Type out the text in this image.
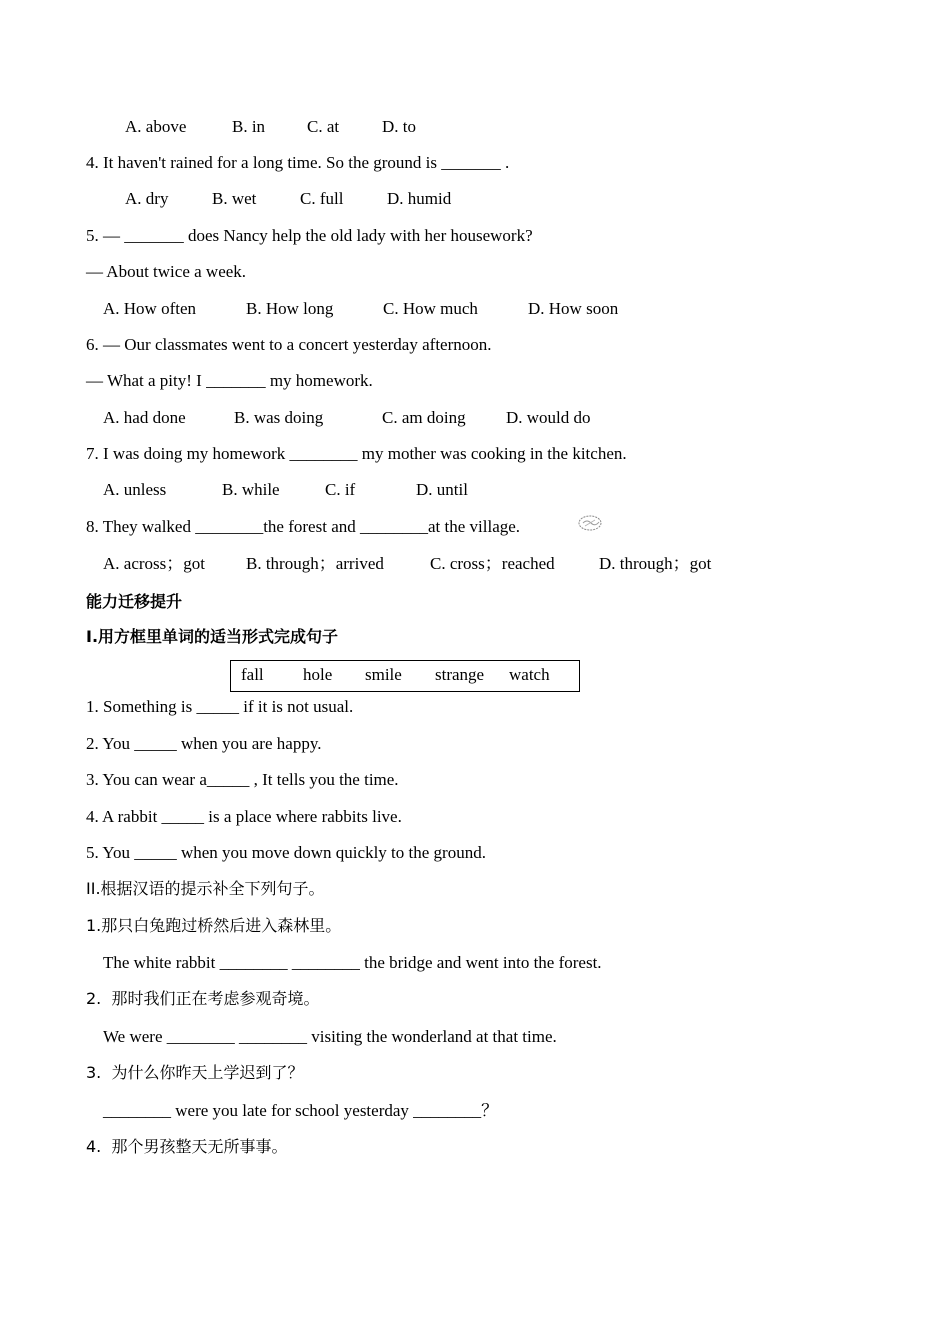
A. above	B. in C. at	D. to
4. It haven't rained for a long time. So the ground is _______ .
A. dry	B. wet	C. full	D. humid
5. — _______ does Nancy help the old lady with her housework?
— About twice a week.
A. How often	B. How long	C. How much	D. How soon
6. — Our classmates went to a concert yesterday afternoon.
— What a pity! I _______ my homework.
A. had done	B. was doing	C. am doing D. would do
7. I was doing my homework ________ my mother was cooking in the kitchen.
A. unless	B. while	C. if	D. until
8. They walked ________the forest and ________at the village.
A. across；got B. through；arrived	C. cross；reached	D. through；got
能力迁移提升
I.用方框里单词的适当形式完成句子
fall hole smile strange watch
1. Something is _____ if it is not usual.
2. You _____ when you are happy.
3. You can wear a_____ , It tells you the time.
4. A rabbit _____ is a place where rabbits live.
5. You _____ when you move down quickly to the ground.
II.根据汉语的提示补全下列句子。
1.那只白兔跑过桥然后进入森林里。
The white rabbit ________ ________ the bridge and went into the forest.
2.  那时我们正在考虑参观奇境。
We were ________ ________ visiting the wonderland at that time.
3.  为什么你昨天上学迟到了？
________ were you late for school yesterday ________？
4.  那个男孩整天无所事事。
